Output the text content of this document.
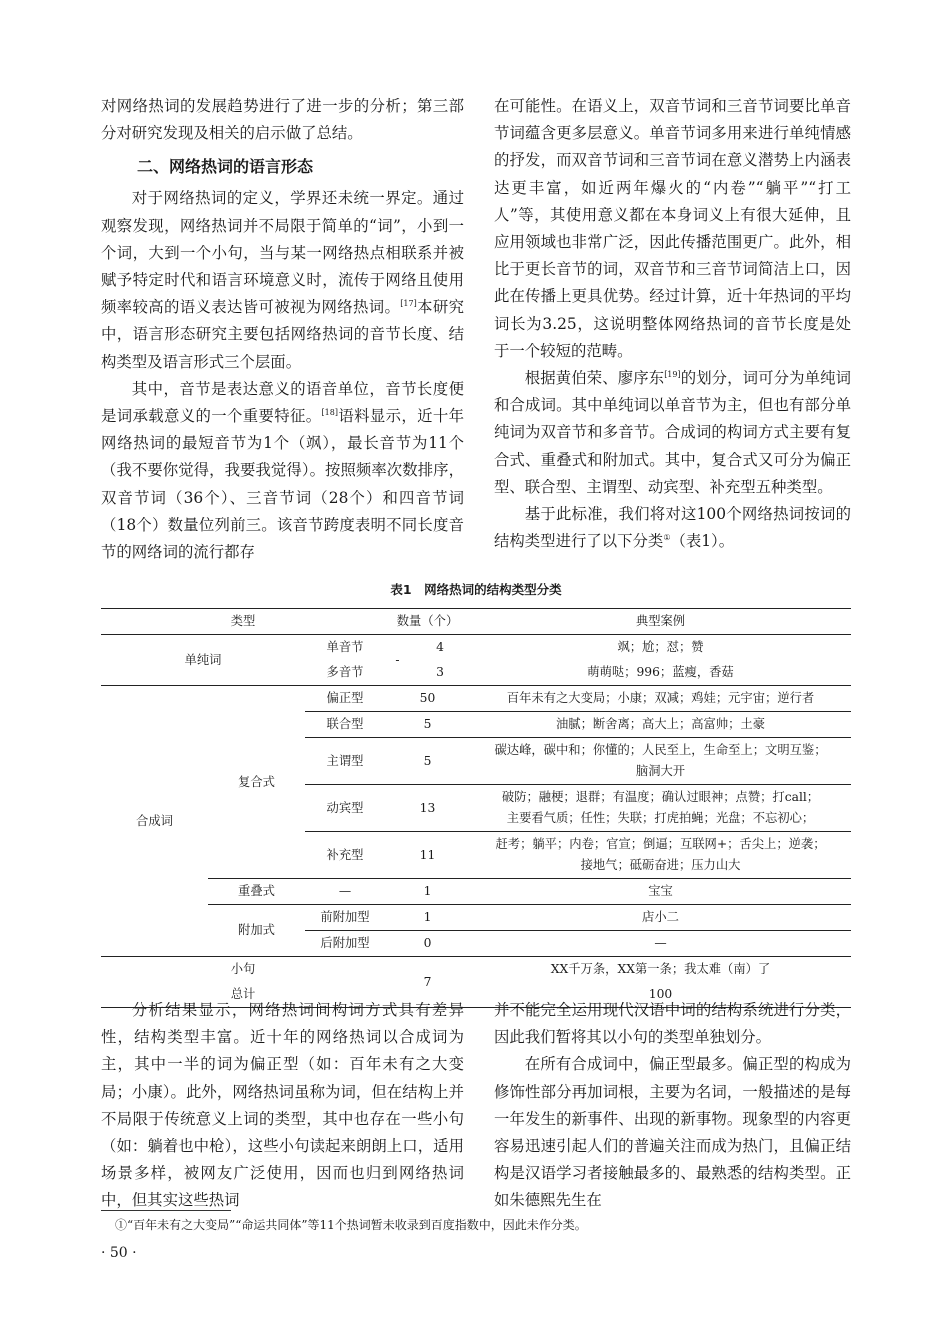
对网络热词的发展趋势进行了进一步的分析；第三部分对研究发现及相关的启示做了总结。

二、网络热词的语言形态

对于网络热词的定义，学界还未统一界定。通过观察发现，网络热词并不局限于简单的“词”，小到一个词，大到一个小句，当与某一网络热点相联系并被赋予特定时代和语言环境意义时，流传于网络且使用频率较高的语义表达皆可被视为网络热词。[17]本研究中，语言形态研究主要包括网络热词的音节长度、结构类型及语言形式三个层面。

其中，音节是表达意义的语音单位，音节长度便是词承载意义的一个重要特征。[18]语料显示，近十年网络热词的最短音节为1个（飒），最长音节为11个（我不要你觉得，我要我觉得）。按照频率次数排序，双音节词（36个）、三音节词（28个）和四音节词（18个）数量位列前三。该音节跨度表明不同长度音节的网络词的流行都存

在可能性。在语义上，双音节词和三音节词要比单音节词蕴含更多层意义。单音节词多用来进行单纯情感的抒发，而双音节词和三音节词在意义潜势上内涵表达更丰富，如近两年爆火的“内卷”“躺平”“打工人”等，其使用意义都在本身词义上有很大延伸，且应用领域也非常广泛，因此传播范围更广。此外，相比于更长音节的词，双音节和三音节词简洁上口，因此在传播上更具优势。经过计算，近十年热词的平均词长为3.25，这说明整体网络热词的音节长度是处于一个较短的范畴。

根据黄伯荣、廖序东[19]的划分，词可分为单纯词和合成词。其中单纯词以单音节为主，但也有部分单纯词为双音节和多音节。合成词的构词方式主要有复合式、重叠式和附加式。其中，复合式又可分为偏正型、联合型、主谓型、动宾型、补充型五种类型。

基于此标准，我们将对这100个网络热词按词的结构类型进行了以下分类①（表1）。

表1　网络热词的结构类型分类
类型			数量（个）		典型案例
单纯词		单音节	-	4	飒；尬；怼；赞
		多音节		3	萌萌哒；996；蓝瘦，香菇
合成词	复合式	偏正型	50		百年未有之大变局；小康；双减；鸡娃；元宇宙；逆行者
		联合型	5		油腻；断舍离；高大上；高富帅；土豪
		主谓型	5		碳达峰，碳中和；你懂的；人民至上，生命至上；文明互鉴；
脑洞大开
		动宾型	13		破防；融梗；退群；有温度；确认过眼神；点赞；打call；
主要看气质；任性；失联；打虎拍蝇；光盘；不忘初心；
		补充型	11		赶考；躺平；内卷；官宣；倒逼；互联网+；舌尖上；逆袭；
接地气；砥砺奋进；压力山大
	重叠式	—	1		宝宝
	附加式	前附加型	1		店小二
		后附加型	0		—
小句			7		XX千万条，XX第一条；我太难（南）了
总计					100

分析结果显示，网络热词间构词方式具有差异性，结构类型丰富。近十年的网络热词以合成词为主，其中一半的词为偏正型（如：百年未有之大变局；小康）。此外，网络热词虽称为词，但在结构上并不局限于传统意义上词的类型，其中也存在一些小句（如：躺着也中枪），这些小句读起来朗朗上口，适用场景多样，被网友广泛使用，因而也归到网络热词中，但其实这些热词

并不能完全运用现代汉语中词的结构系统进行分类，因此我们暂将其以小句的类型单独划分。

在所有合成词中，偏正型最多。偏正型的构成为修饰性部分再加词根，主要为名词，一般描述的是每一年发生的新事件、出现的新事物。现象型的内容更容易迅速引起人们的普遍关注而成为热门，且偏正结构是汉语学习者接触最多的、最熟悉的结构类型。正如朱德熙先生在

①“百年未有之大变局”“命运共同体”等11个热词暂未收录到百度指数中，因此未作分类。
· 50 ·
